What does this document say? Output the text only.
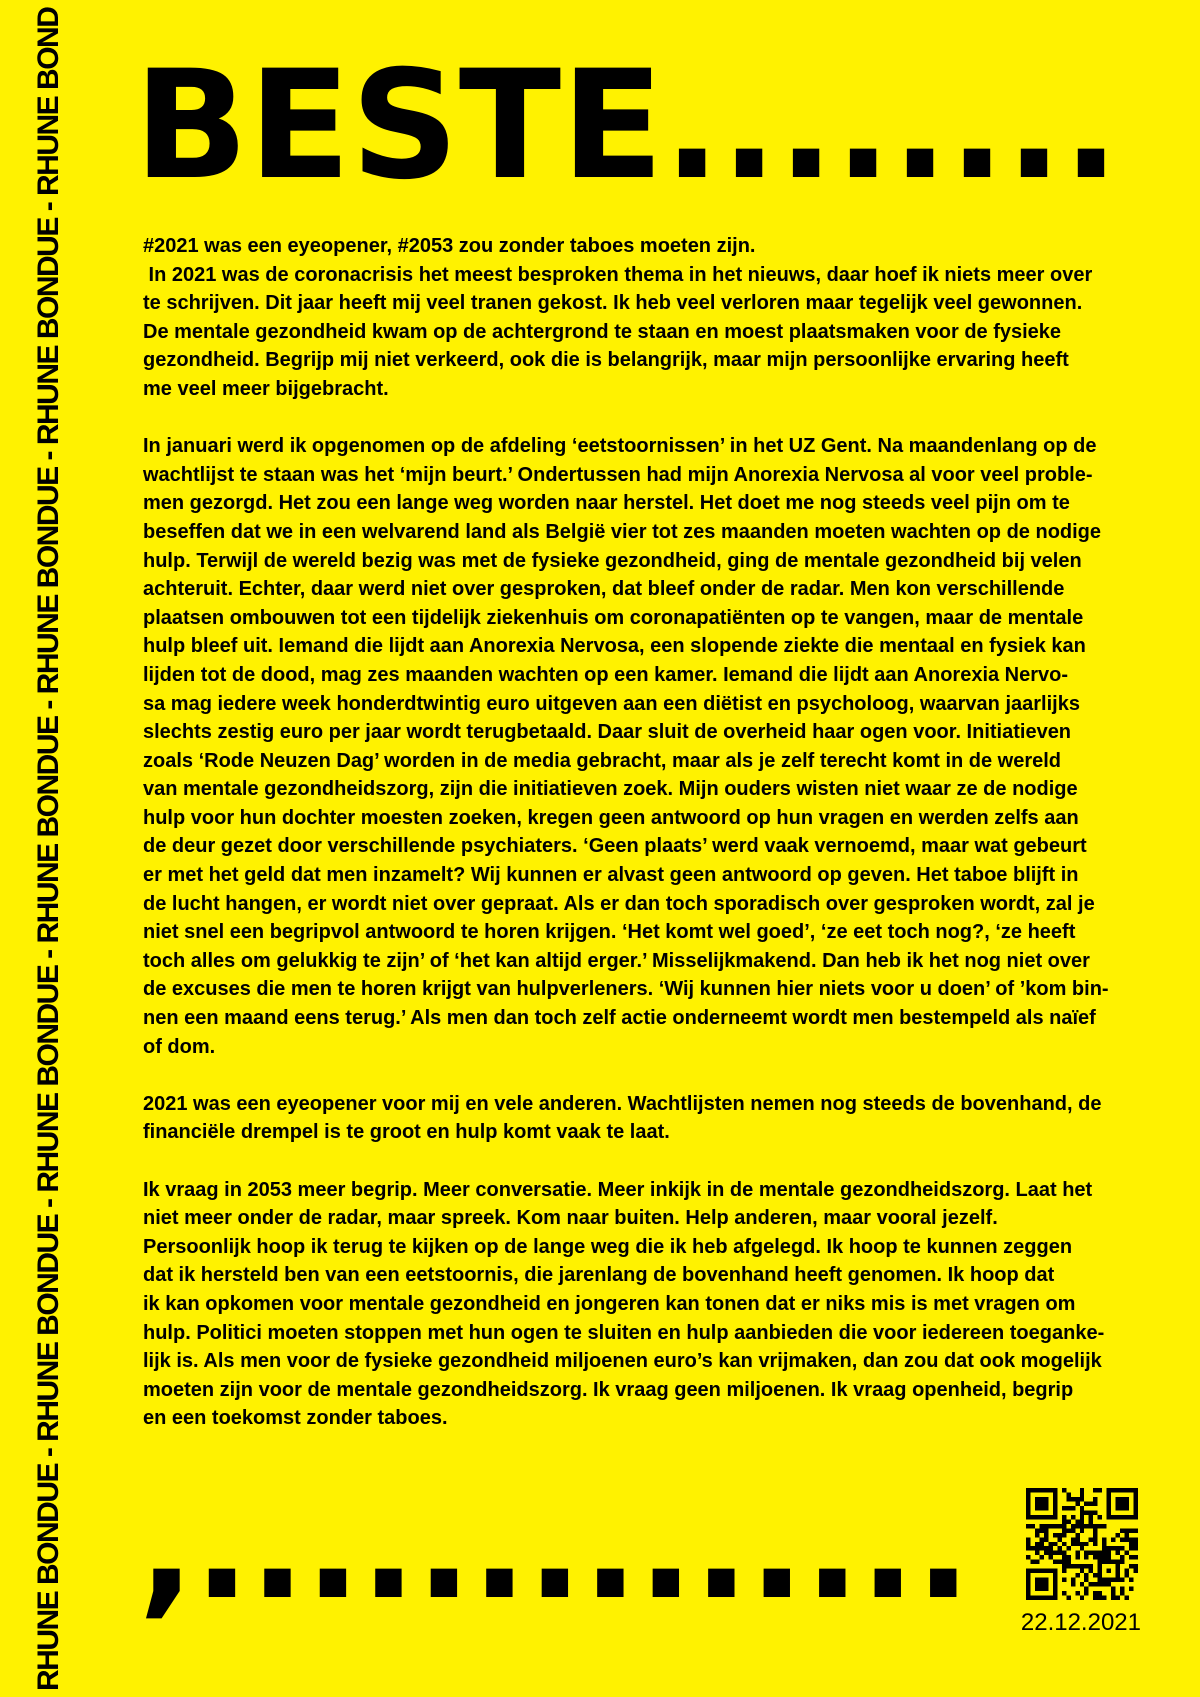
RHUNE BONDUE - RHUNE BONDUE - RHUNE BONDUE - RHUNE BONDUE - RHUNE BONDUE - RHUNE BONDUE - RHUNE BOND BESTE........
#2021 was een eyeopener, #2053 zou zonder taboes moeten zijn.
In 2021 was de coronacrisis het meest besproken thema in het nieuws, daar hoef ik niets meer over
te schrijven. Dit jaar heeft mij veel tranen gekost. Ik heb veel verloren maar tegelijk veel gewonnen.
De mentale gezondheid kwam op de achtergrond te staan en moest plaatsmaken voor de fysieke
gezondheid. Begrijp mij niet verkeerd, ook die is belangrijk, maar mijn persoonlijke ervaring heeft
me veel meer bijgebracht.
In januari werd ik opgenomen op de afdeling ‘eetstoornissen’ in het UZ Gent. Na maandenlang op de
wachtlijst te staan was het ‘mijn beurt.’ Ondertussen had mijn Anorexia Nervosa al voor veel proble-
men gezorgd. Het zou een lange weg worden naar herstel. Het doet me nog steeds veel pijn om te
beseffen dat we in een welvarend land als België vier tot zes maanden moeten wachten op de nodige
hulp. Terwijl de wereld bezig was met de fysieke gezondheid, ging de mentale gezondheid bij velen
achteruit. Echter, daar werd niet over gesproken, dat bleef onder de radar. Men kon verschillende
plaatsen ombouwen tot een tijdelijk ziekenhuis om coronapatiënten op te vangen, maar de mentale
hulp bleef uit. Iemand die lijdt aan Anorexia Nervosa, een slopende ziekte die mentaal en fysiek kan
lijden tot de dood, mag zes maanden wachten op een kamer. Iemand die lijdt aan Anorexia Nervo-
sa mag iedere week honderdtwintig euro uitgeven aan een diëtist en psycholoog, waarvan jaarlijks
slechts zestig euro per jaar wordt terugbetaald. Daar sluit de overheid haar ogen voor. Initiatieven
zoals ‘Rode Neuzen Dag’ worden in de media gebracht, maar als je zelf terecht komt in de wereld
van mentale gezondheidszorg, zijn die initiatieven zoek. Mijn ouders wisten niet waar ze de nodige
hulp voor hun dochter moesten zoeken, kregen geen antwoord op hun vragen en werden zelfs aan
de deur gezet door verschillende psychiaters. ‘Geen plaats’ werd vaak vernoemd, maar wat gebeurt
er met het geld dat men inzamelt? Wij kunnen er alvast geen antwoord op geven. Het taboe blijft in
de lucht hangen, er wordt niet over gepraat. Als er dan toch sporadisch over gesproken wordt, zal je
niet snel een begripvol antwoord te horen krijgen. ‘Het komt wel goed’, ‘ze eet toch nog?, ‘ze heeft
toch alles om gelukkig te zijn’ of ‘het kan altijd erger.’ Misselijkmakend. Dan heb ik het nog niet over
de excuses die men te horen krijgt van hulpverleners. ‘Wij kunnen hier niets voor u doen’ of ’kom bin-
nen een maand eens terug.’ Als men dan toch zelf actie onderneemt wordt men bestempeld als naïef
of dom.
2021 was een eyeopener voor mij en vele anderen. Wachtlijsten nemen nog steeds de bovenhand, de
financiële drempel is te groot en hulp komt vaak te laat.
Ik vraag in 2053 meer begrip. Meer conversatie. Meer inkijk in de mentale gezondheidszorg. Laat het
niet meer onder de radar, maar spreek. Kom naar buiten. Help anderen, maar vooral jezelf.
Persoonlijk hoop ik terug te kijken op de lange weg die ik heb afgelegd. Ik hoop te kunnen zeggen
dat ik hersteld ben van een eetstoornis, die jarenlang de bovenhand heeft genomen. Ik hoop dat
ik kan opkomen voor mentale gezondheid en jongeren kan tonen dat er niks mis is met vragen om
hulp. Politici moeten stoppen met hun ogen te sluiten en hulp aanbieden die voor iedereen toeganke-
lijk is. Als men voor de fysieke gezondheid miljoenen euro’s kan vrijmaken, dan zou dat ook mogelijk
moeten zijn voor de mentale gezondheidszorg. Ik vraag geen miljoenen. Ik vraag openheid, begrip
en een toekomst zonder taboes.
,.............. 22.12.2021
